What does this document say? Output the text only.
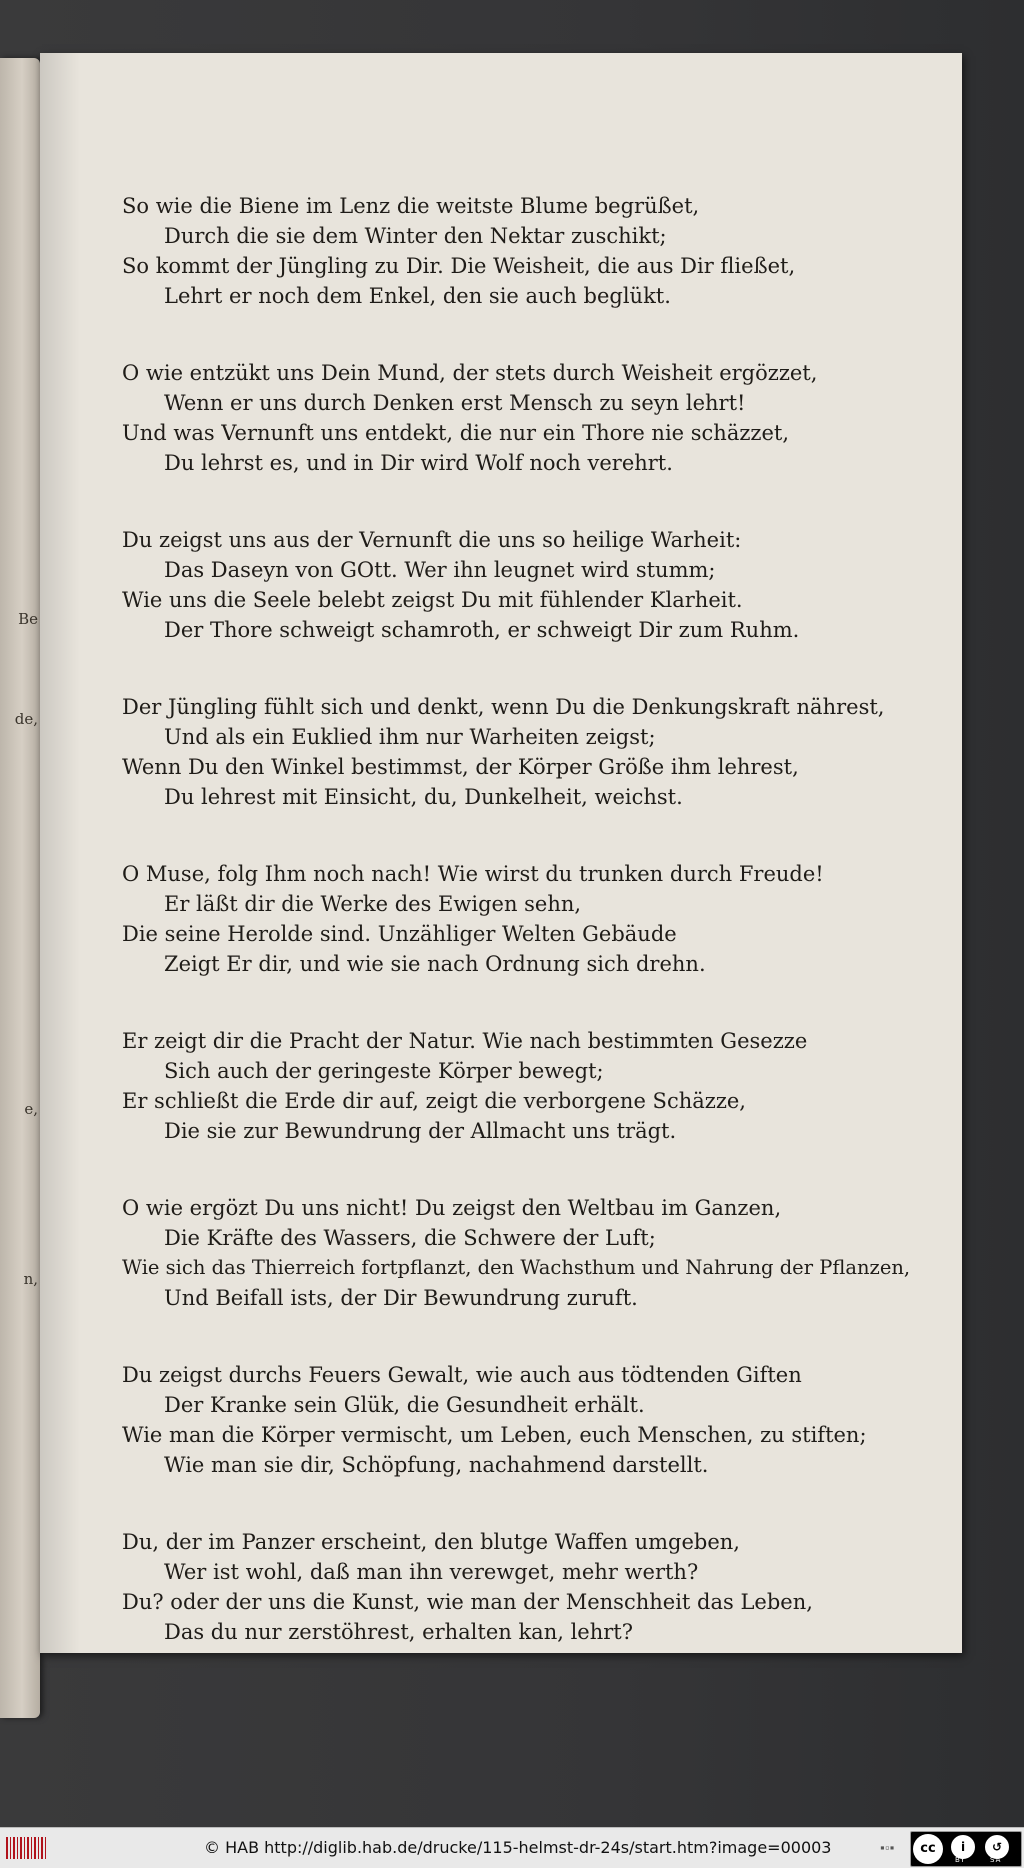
Be
de,
e,
n,
So wie die Biene im Lenz die weitste Blume begrüßet,
Durch die sie dem Winter den Nektar zuschikt;
So kommt der Jüngling zu Dir. Die Weisheit, die aus Dir fließet,
Lehrt er noch dem Enkel, den sie auch beglükt.
O wie entzükt uns Dein Mund, der stets durch Weisheit ergözzet,
Wenn er uns durch Denken erst Mensch zu seyn lehrt!
Und was Vernunft uns entdekt, die nur ein Thore nie schäzzet,
Du lehrst es, und in Dir wird Wolf noch verehrt.
Du zeigst uns aus der Vernunft die uns so heilige Warheit:
Das Daseyn von GOtt. Wer ihn leugnet wird stumm;
Wie uns die Seele belebt zeigst Du mit fühlender Klarheit.
Der Thore schweigt schamroth, er schweigt Dir zum Ruhm.
Der Jüngling fühlt sich und denkt, wenn Du die Denkungskraft nährest,
Und als ein Euklied ihm nur Warheiten zeigst;
Wenn Du den Winkel bestimmst, der Körper Größe ihm lehrest,
Du lehrest mit Einsicht, du, Dunkelheit, weichst.
O Muse, folg Ihm noch nach! Wie wirst du trunken durch Freude!
Er läßt dir die Werke des Ewigen sehn,
Die seine Herolde sind. Unzähliger Welten Gebäude
Zeigt Er dir, und wie sie nach Ordnung sich drehn.
Er zeigt dir die Pracht der Natur. Wie nach bestimmten Gesezze
Sich auch der geringeste Körper bewegt;
Er schließt die Erde dir auf, zeigt die verborgene Schäzze,
Die sie zur Bewundrung der Allmacht uns trägt.
O wie ergözt Du uns nicht! Du zeigst den Weltbau im Ganzen,
Die Kräfte des Wassers, die Schwere der Luft;
Wie sich das Thierreich fortpflanzt, den Wachsthum und Nahrung der Pflanzen,
Und Beifall ists, der Dir Bewundrung zuruft.
Du zeigst durchs Feuers Gewalt, wie auch aus tödtenden Giften
Der Kranke sein Glük, die Gesundheit erhält.
Wie man die Körper vermischt, um Leben, euch Menschen, zu stiften;
Wie man sie dir, Schöpfung, nachahmend darstellt.
Du, der im Panzer erscheint, den blutge Waffen umgeben,
Wer ist wohl, daß man ihn verewget, mehr werth?
Du? oder der uns die Kunst, wie man der Menschheit das Leben,
Das du nur zerstöhrest, erhalten kan, lehrt?
© HAB http://diglib.hab.de/drucke/115-helmst-dr-24s/start.htm?image=00003	▪▫▪	cc	i
BY
↺
SA
